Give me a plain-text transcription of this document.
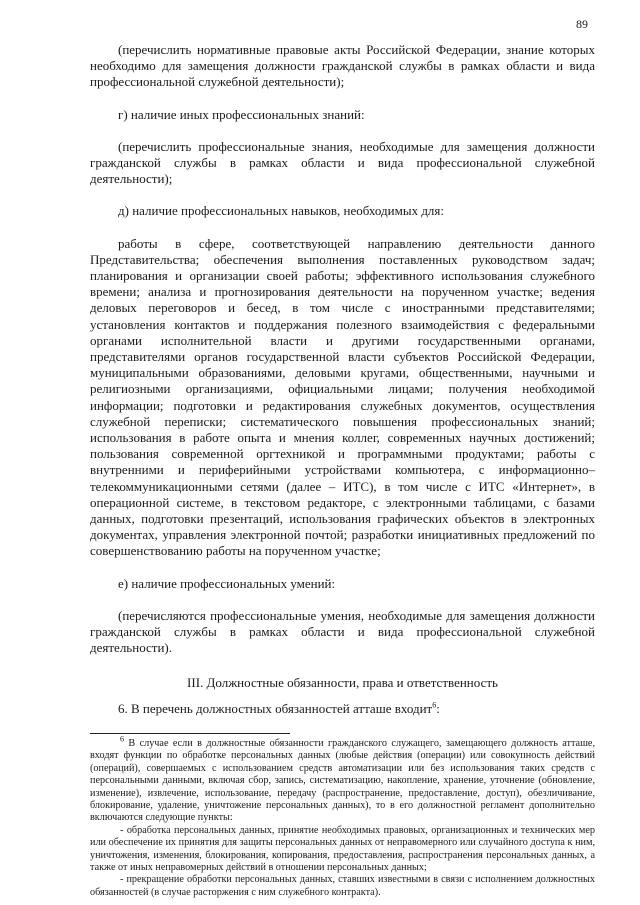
89

(перечислить нормативные правовые акты Российской Федерации, знание которых необходимо для замещения должности гражданской службы в рамках области и вида профессиональной служебной деятельности);

г) наличие иных профессиональных знаний:

(перечислить профессиональные знания, необходимые для замещения должности гражданской службы в рамках области и вида профессиональной служебной деятельности);

д) наличие профессиональных навыков, необходимых для:

работы в сфере, соответствующей направлению деятельности данного Представительства; обеспечения выполнения поставленных руководством задач; планирования и организации своей работы; эффективного использования служебного времени; анализа и прогнозирования деятельности на порученном участке; ведения деловых переговоров и бесед, в том числе с иностранными представителями; установления контактов и поддержания полезного взаимодействия с федеральными органами исполнительной власти и другими государственными органами, представителями органов государственной власти субъектов Российской Федерации, муниципальными образованиями, деловыми кругами, общественными, научными и религиозными организациями, официальными лицами; получения необходимой информации; подготовки и редактирования служебных документов, осуществления служебной переписки; систематического повышения профессиональных знаний; использования в работе опыта и мнения коллег, современных научных достижений; пользования современной оргтехникой и программными продуктами; работы с внутренними и периферийными устройствами компьютера, с информационно–телекоммуникационными сетями (далее – ИТС), в том числе с ИТС «Интернет», в операционной системе, в текстовом редакторе, с электронными таблицами, с базами данных, подготовки презентаций, использования графических объектов в электронных документах, управления электронной почтой; разработки инициативных предложений по совершенствованию работы на порученном участке;

е) наличие профессиональных умений:

(перечисляются профессиональные умения, необходимые для замещения должности гражданской службы в рамках области и вида профессиональной служебной деятельности).

III. Должностные обязанности, права и ответственность

6. В перечень должностных обязанностей атташе входит$^6$:

$^6$ В случае если в должностные обязанности гражданского служащего, замещающего должность атташе, входят функции по обработке персональных данных (любые действия (операции) или совокупность действий (операций), совершаемых с использованием средств автоматизации или без использования таких средств с персональными данными, включая сбор, запись, систематизацию, накопление, хранение, уточнение (обновление, изменение), извлечение, использование, передачу (распространение, предоставление, доступ), обезличивание, блокирование, удаление, уничтожение персональных данных), то в его должностной регламент дополнительно включаются следующие пункты:

- обработка персональных данных, принятие необходимых правовых, организационных и технических мер или обеспечение их принятия для защиты персональных данных от неправомерного или случайного доступа к ним, уничтожения, изменения, блокирования, копирования, предоставления, распространения персональных данных, а также от иных неправомерных действий в отношении персональных данных;

- прекращение обработки персональных данных, ставших известными в связи с исполнением должностных обязанностей (в случае расторжения с ним служебного контракта).
